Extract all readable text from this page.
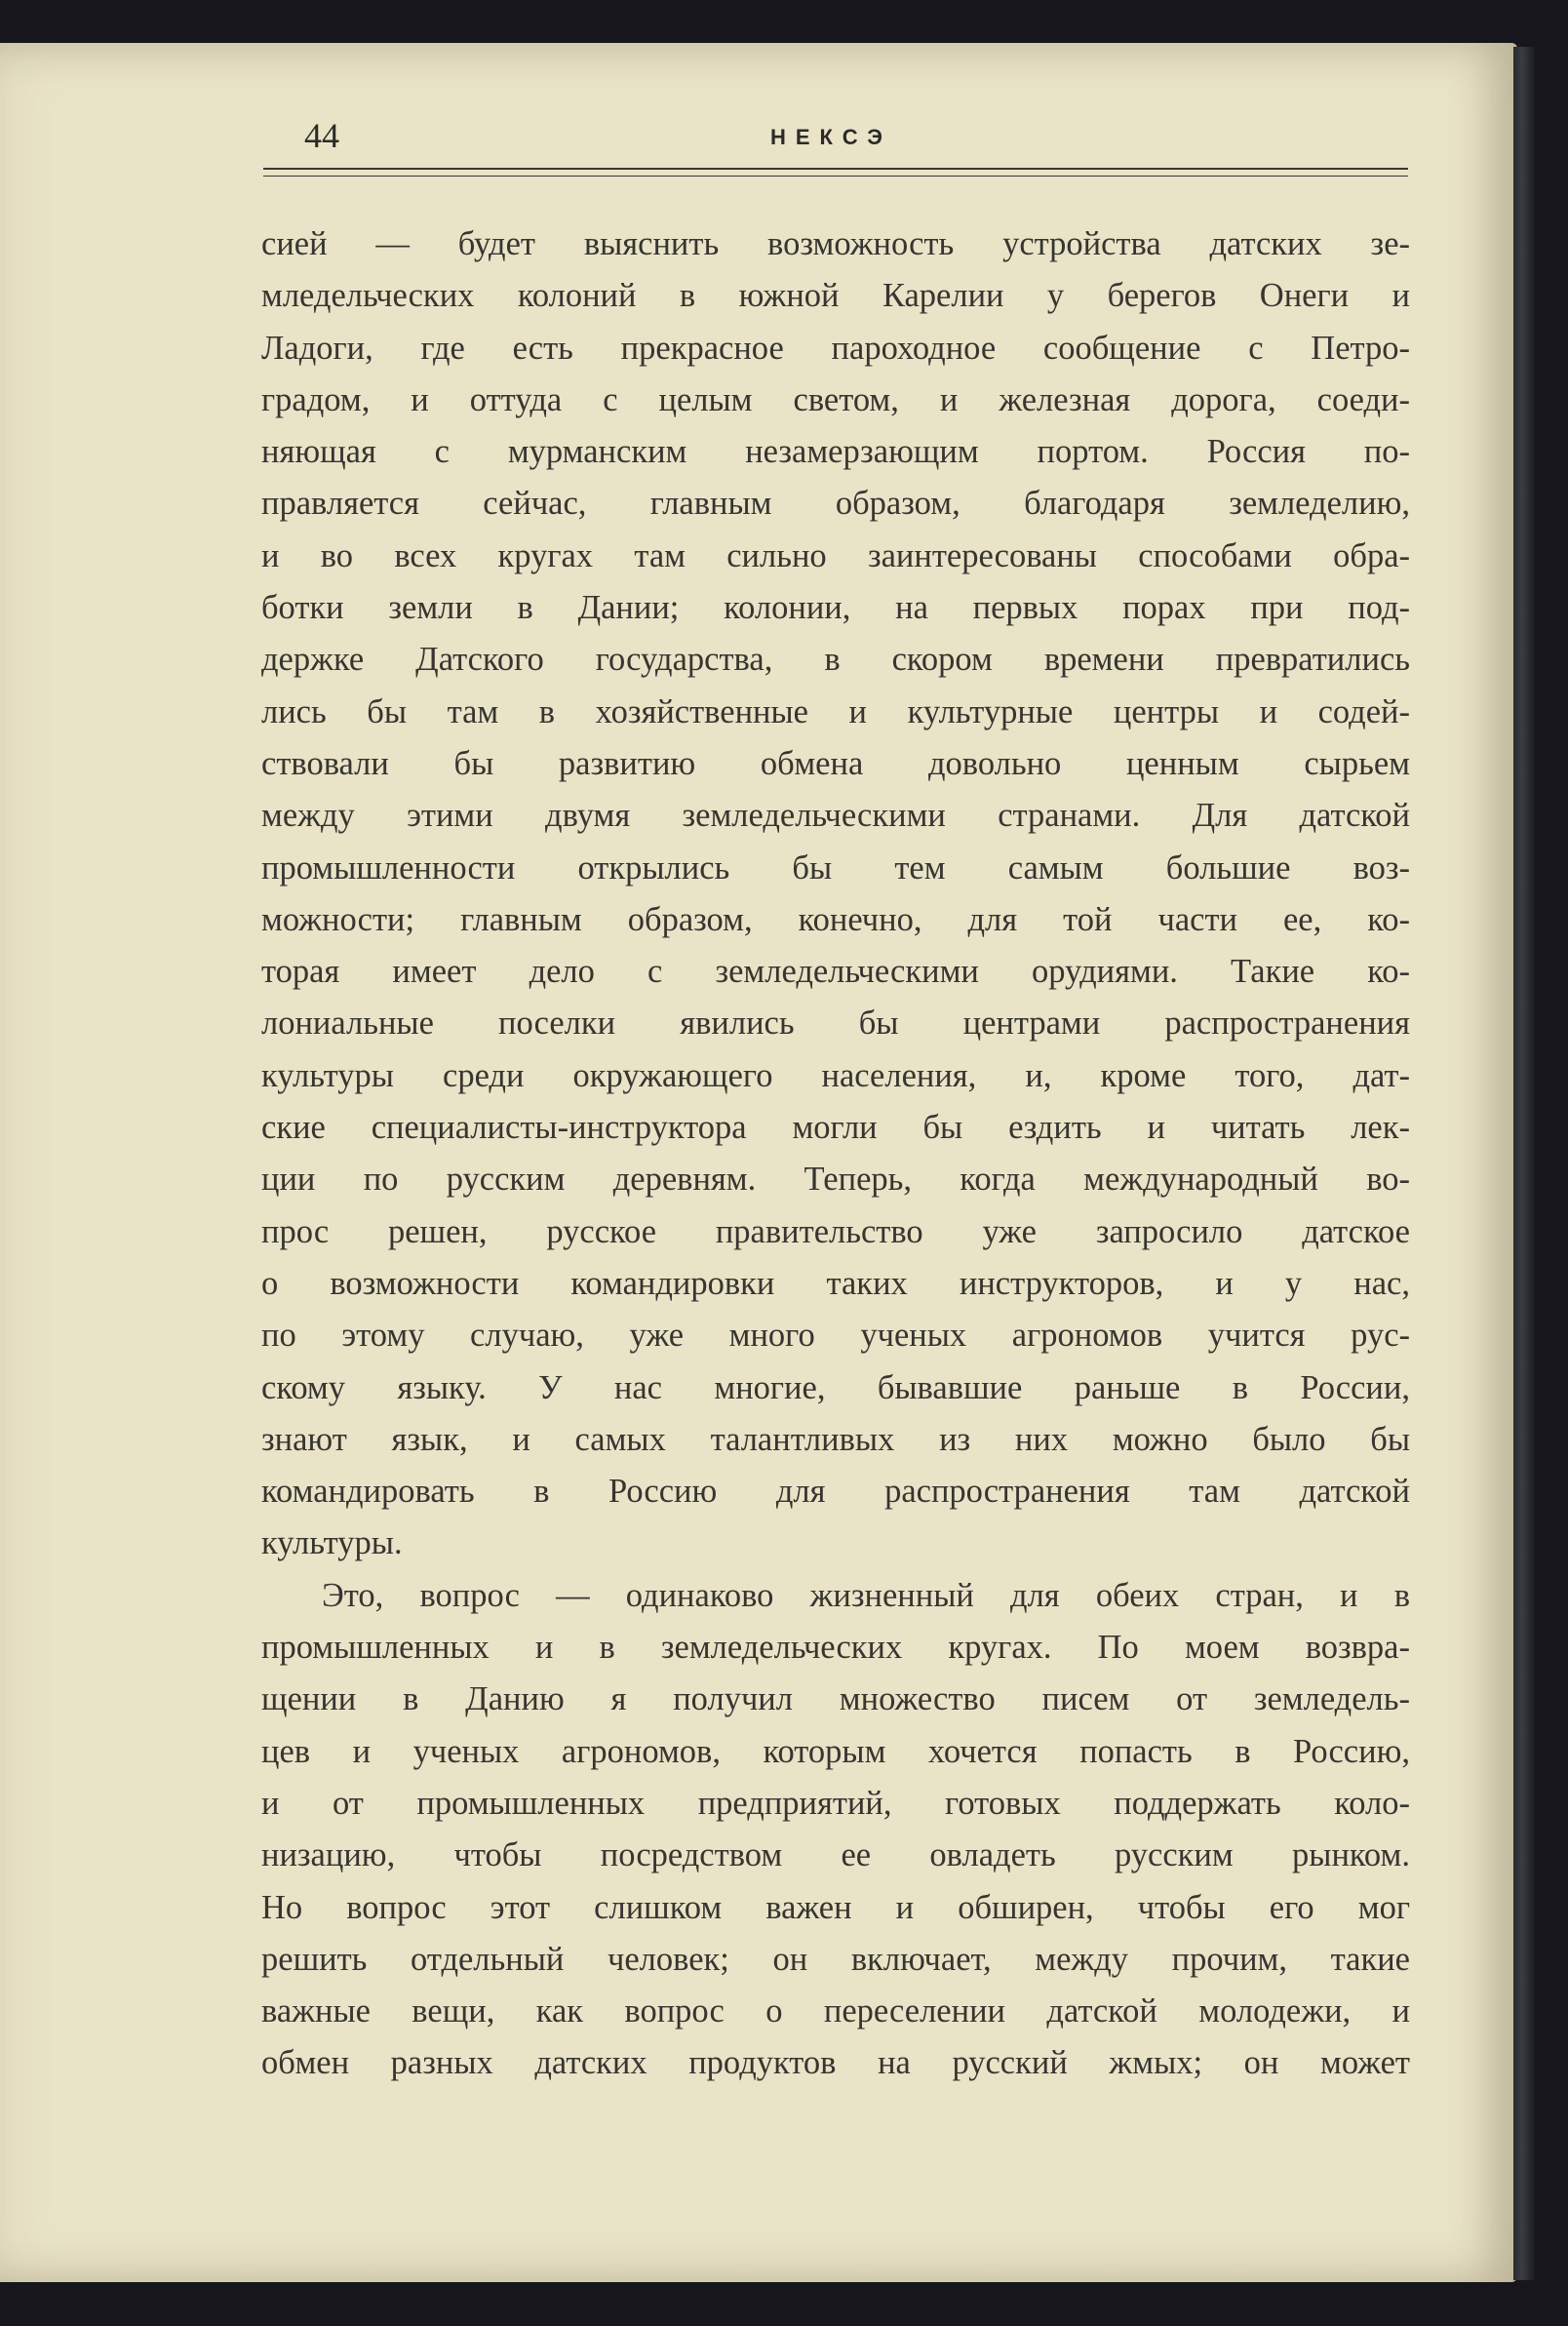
44	НЕКСЭ
сией — будет выяснить возможность устройства датских зе-
мледельческих колоний в южной Карелии у берегов Онеги и
Ладоги, где есть прекрасное пароходное сообщение с Петро-
градом, и оттуда с целым светом, и железная дорога, соеди-
няющая с мурманским незамерзающим портом. Россия по-
правляется сейчас, главным образом, благодаря земледелию,
и во всех кругах там сильно заинтересованы способами обра-
ботки земли в Дании; колонии, на первых порах при под-
держке Датского государства, в скором времени превратились
лись бы там в хозяйственные и культурные центры и содей-
ствовали бы развитию обмена довольно ценным сырьем
между этими двумя земледельческими странами. Для датской
промышленности открылись бы тем самым большие воз-
можности; главным образом, конечно, для той части ее, ко-
торая имеет дело с земледельческими орудиями. Такие ко-
лониальные поселки явились бы центрами распространения
культуры среди окружающего населения, и, кроме того, дат-
ские специалисты-инструктора могли бы ездить и читать лек-
ции по русским деревням. Теперь, когда международный во-
прос решен, русское правительство уже запросило датское
о возможности командировки таких инструкторов, и у нас,
по этому случаю, уже много ученых агрономов учится рус-
скому языку. У нас многие, бывавшие раньше в России,
знают язык, и самых талантливых из них можно было бы
командировать в Россию для распространения там датской
культуры.
Это, вопрос — одинаково жизненный для обеих стран, и в
промышленных и в земледельческих кругах. По моем возвра-
щении в Данию я получил множество писем от земледель-
цев и ученых агрономов, которым хочется попасть в Россию,
и от промышленных предприятий, готовых поддержать коло-
низацию, чтобы посредством ее овладеть русским рынком.
Но вопрос этот слишком важен и обширен, чтобы его мог
решить отдельный человек; он включает, между прочим, такие
важные вещи, как вопрос о переселении датской молодежи, и
обмен разных датских продуктов на русский жмых; он может
